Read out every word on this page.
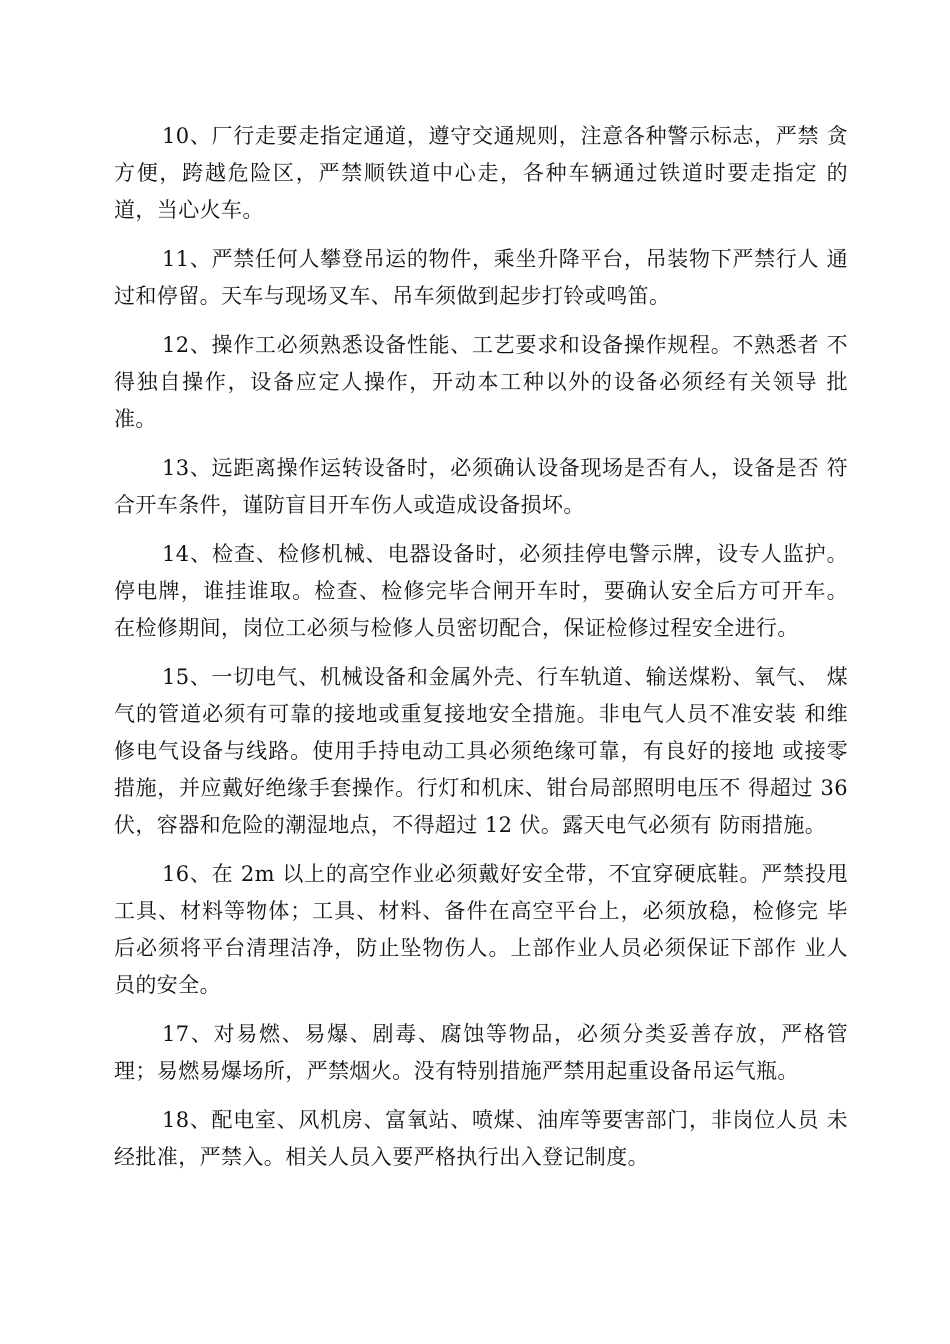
10、厂行走要走指定通道，遵守交通规则，注意各种警示标志，严禁 贪方便，跨越危险区，严禁顺铁道中心走，各种车辆通过铁道时要走指定 的道，当心火车。

11、严禁任何人攀登吊运的物件，乘坐升降平台，吊装物下严禁行人 通过和停留。天车与现场叉车、吊车须做到起步打铃或鸣笛。

12、操作工必须熟悉设备性能、工艺要求和设备操作规程。不熟悉者 不得独自操作，设备应定人操作，开动本工种以外的设备必须经有关领导 批准。

13、远距离操作运转设备时，必须确认设备现场是否有人，设备是否 符合开车条件，谨防盲目开车伤人或造成设备损坏。

14、检查、检修机械、电器设备时，必须挂停电警示牌，设专人监护。停电牌，谁挂谁取。检查、检修完毕合闸开车时，要确认安全后方可开车。 在检修期间，岗位工必须与检修人员密切配合，保证检修过程安全进行。

15、一切电气、机械设备和金属外壳、行车轨道、输送煤粉、氧气、 煤气的管道必须有可靠的接地或重复接地安全措施。非电气人员不准安装 和维修电气设备与线路。使用手持电动工具必须绝缘可靠，有良好的接地 或接零措施，并应戴好绝缘手套操作。行灯和机床、钳台局部照明电压不 得超过 36 伏，容器和危险的潮湿地点，不得超过 12 伏。露天电气必须有 防雨措施。

16、在 2m 以上的高空作业必须戴好安全带，不宜穿硬底鞋。严禁投甩 工具、材料等物体；工具、材料、备件在高空平台上，必须放稳，检修完 毕后必须将平台清理洁净，防止坠物伤人。上部作业人员必须保证下部作 业人员的安全。

17、对易燃、易爆、剧毒、腐蚀等物品，必须分类妥善存放，严格管理；易燃易爆场所，严禁烟火。没有特别措施严禁用起重设备吊运气瓶。

18、配电室、风机房、富氧站、喷煤、油库等要害部门，非岗位人员 未经批准，严禁入。相关人员入要严格执行出入登记制度。
